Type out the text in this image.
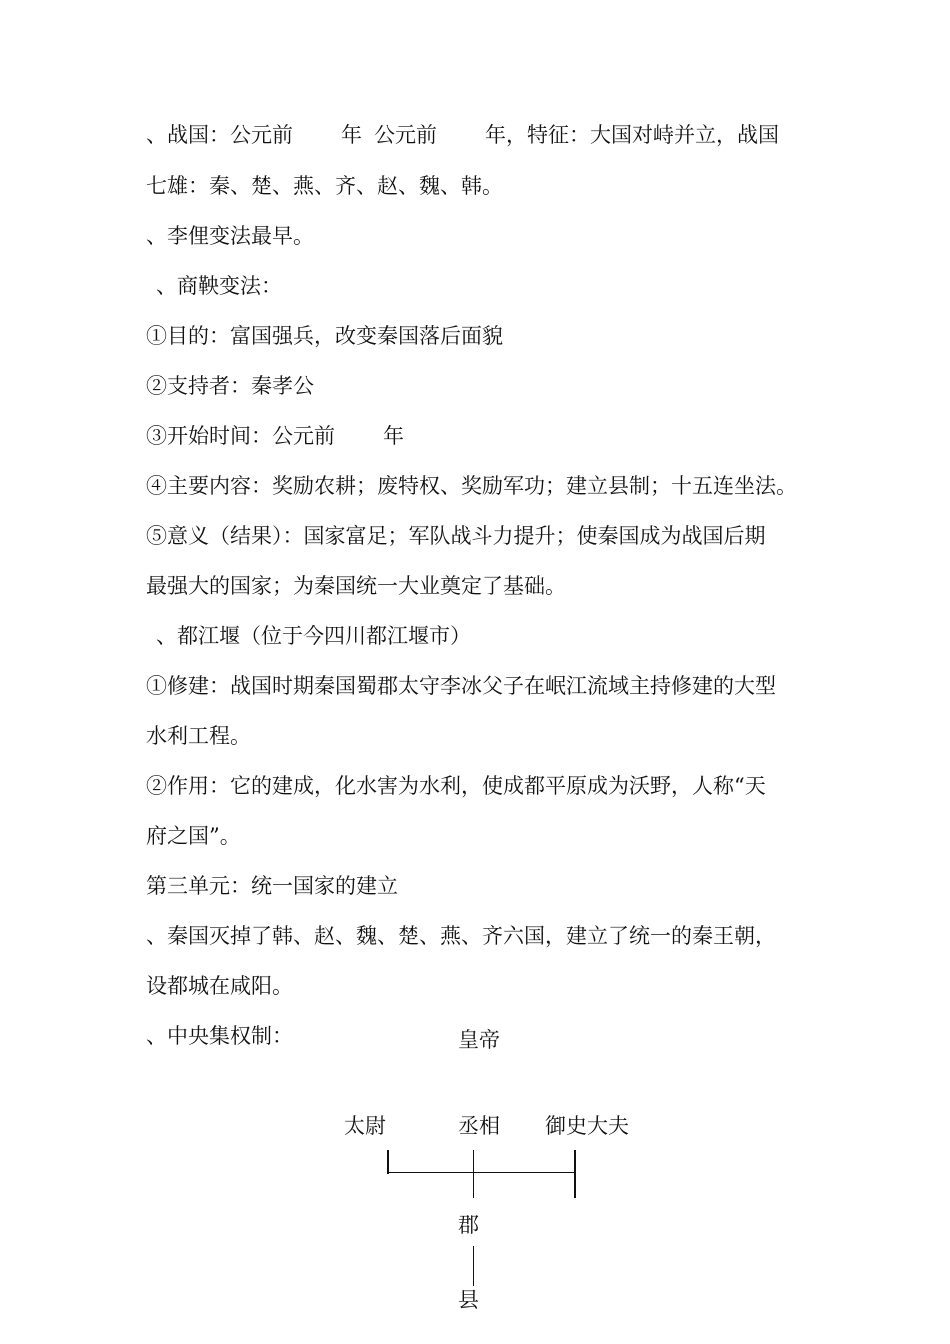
、战国：公元前 年 公元前 年，特征：大国对峙并立，战国
七雄：秦、楚、燕、齐、赵、魏、韩。
、李俚变法最早。
、商鞅变法：
①目的：富国强兵，改变秦国落后面貌
②支持者：秦孝公
③开始时间：公元前 年
④主要内容：奖励农耕；废特权、奖励军功；建立县制；十五连坐法。
⑤意义（结果）：国家富足；军队战斗力提升；使秦国成为战国后期
最强大的国家；为秦国统一大业奠定了基础。
、都江堰（位于今四川都江堰市）
①修建：战国时期秦国蜀郡太守李冰父子在岷江流域主持修建的大型
水利工程。
②作用：它的建成，化水害为水利，使成都平原成为沃野，人称“天
府之国”。
第三单元：统一国家的建立
、秦国灭掉了韩、赵、魏、楚、燕、齐六国，建立了统一的秦王朝，
设都城在咸阳。
、中央集权制：	皇帝
太尉	丞相 御史大夫
郡
县
